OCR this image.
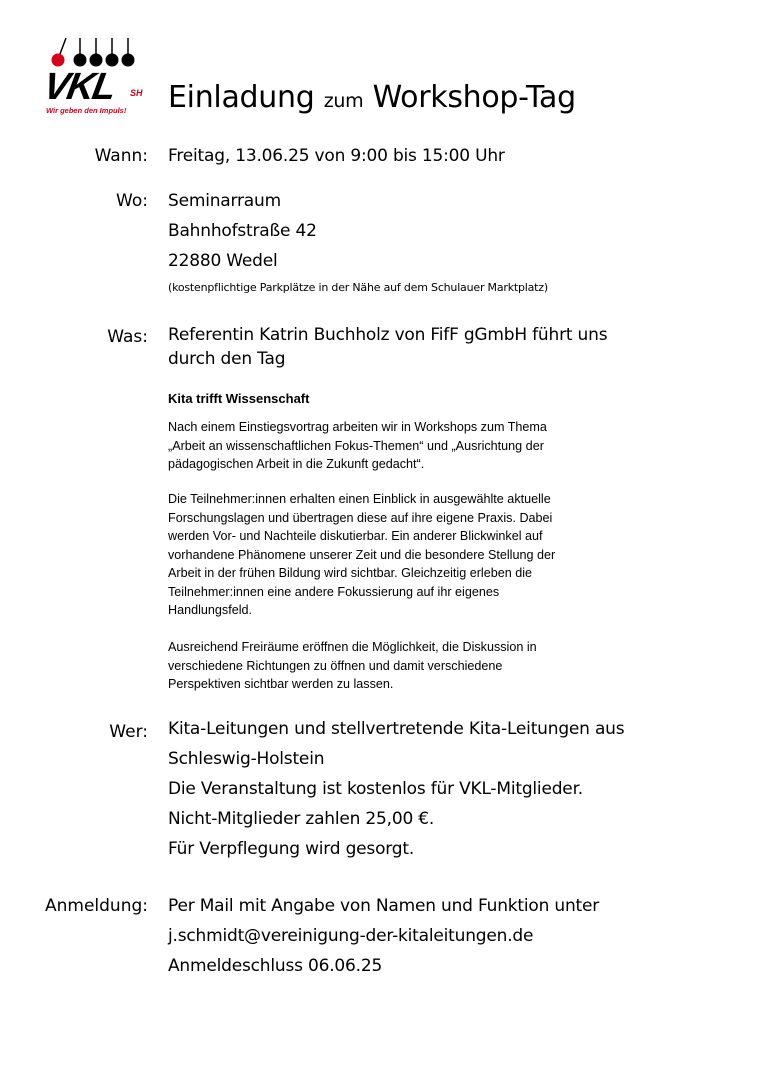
VKL SH
Wir geben den Impuls! Einladung zum Workshop-Tag
Wann: Freitag, 13.06.25 von 9:00 bis 15:00 Uhr
Wo: Seminarraum
Bahnhofstraße 42
22880 Wedel
(kostenpflichtige Parkplätze in der Nähe auf dem Schulauer Marktplatz)
Was: Referentin Katrin Buchholz von FifF gGmbH führt uns
durch den Tag
Kita trifft Wissenschaft

Nach einem Einstiegsvortrag arbeiten wir in Workshops zum Thema
„Arbeit an wissenschaftlichen Fokus-Themen“ und „Ausrichtung der
pädagogischen Arbeit in die Zukunft gedacht“.

Die Teilnehmer:innen erhalten einen Einblick in ausgewählte aktuelle
Forschungslagen und übertragen diese auf ihre eigene Praxis. Dabei
werden Vor- und Nachteile diskutierbar. Ein anderer Blickwinkel auf
vorhandene Phänomene unserer Zeit und die besondere Stellung der
Arbeit in der frühen Bildung wird sichtbar. Gleichzeitig erleben die
Teilnehmer:innen eine andere Fokussierung auf ihr eigenes
Handlungsfeld.

Ausreichend Freiräume eröffnen die Möglichkeit, die Diskussion in
verschiedene Richtungen zu öffnen und damit verschiedene
Perspektiven sichtbar werden zu lassen.

Wer: Kita-Leitungen und stellvertretende Kita-Leitungen aus
Schleswig-Holstein
Die Veranstaltung ist kostenlos für VKL-Mitglieder.
Nicht-Mitglieder zahlen 25,00 €.
Für Verpflegung wird gesorgt.
Anmeldung: Per Mail mit Angabe von Namen und Funktion unter
j.schmidt@vereinigung-der-kitaleitungen.de
Anmeldeschluss 06.06.25
